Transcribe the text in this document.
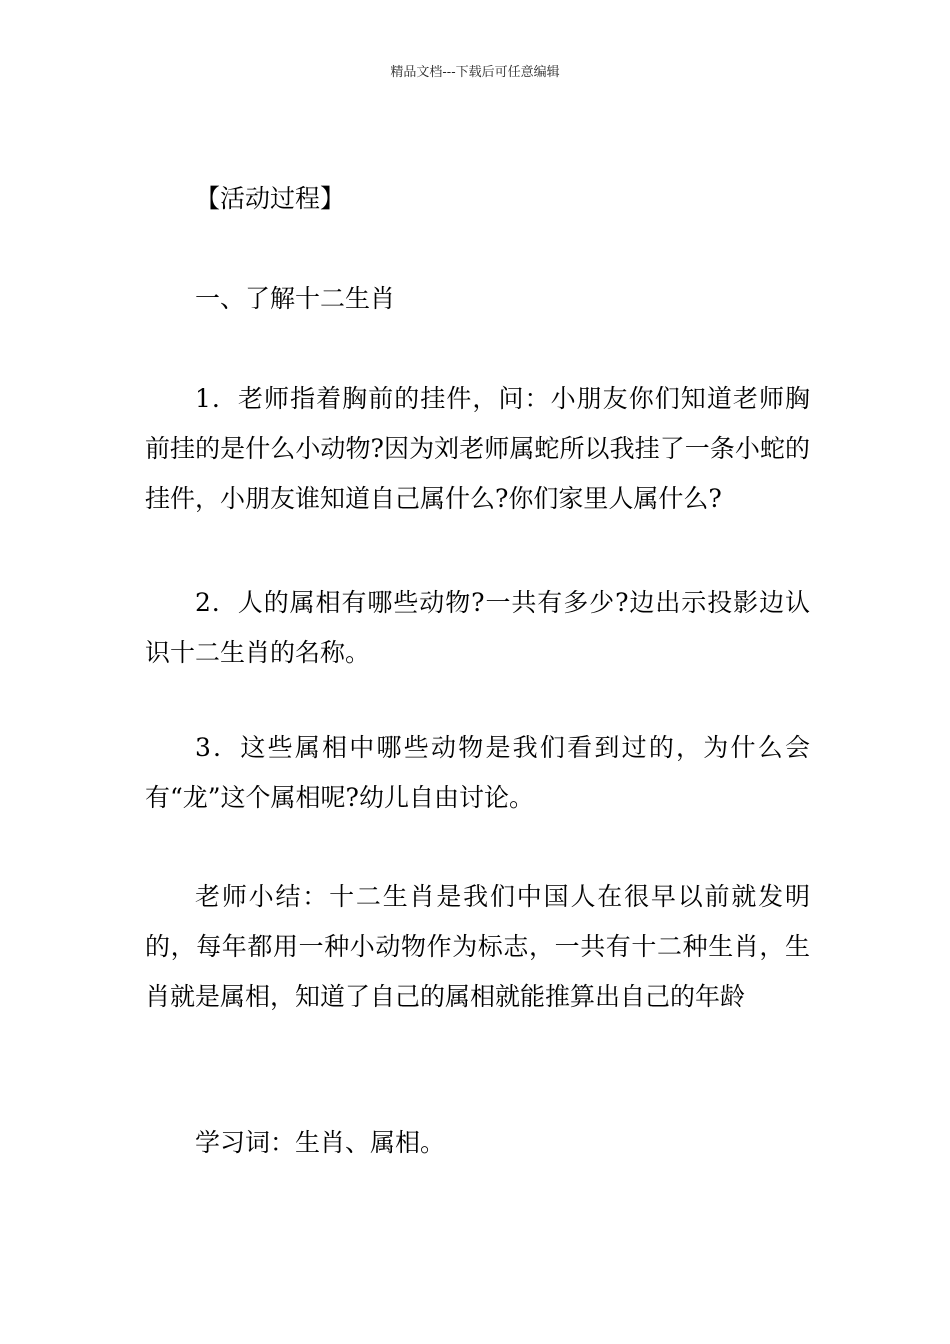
精品文档---下载后可任意编辑
【活动过程】
一、了解十二生肖
1．老师指着胸前的挂件，问：小朋友你们知道老师胸前挂的是什么小动物?因为刘老师属蛇所以我挂了一条小蛇的挂件，小朋友谁知道自己属什么?你们家里人属什么?
2．人的属相有哪些动物?一共有多少?边出示投影边认识十二生肖的名称。
3．这些属相中哪些动物是我们看到过的，为什么会有“龙”这个属相呢?幼儿自由讨论。
老师小结：十二生肖是我们中国人在很早以前就发明的，每年都用一种小动物作为标志，一共有十二种生肖，生肖就是属相，知道了自己的属相就能推算出自己的年龄
学习词：生肖、属相。
